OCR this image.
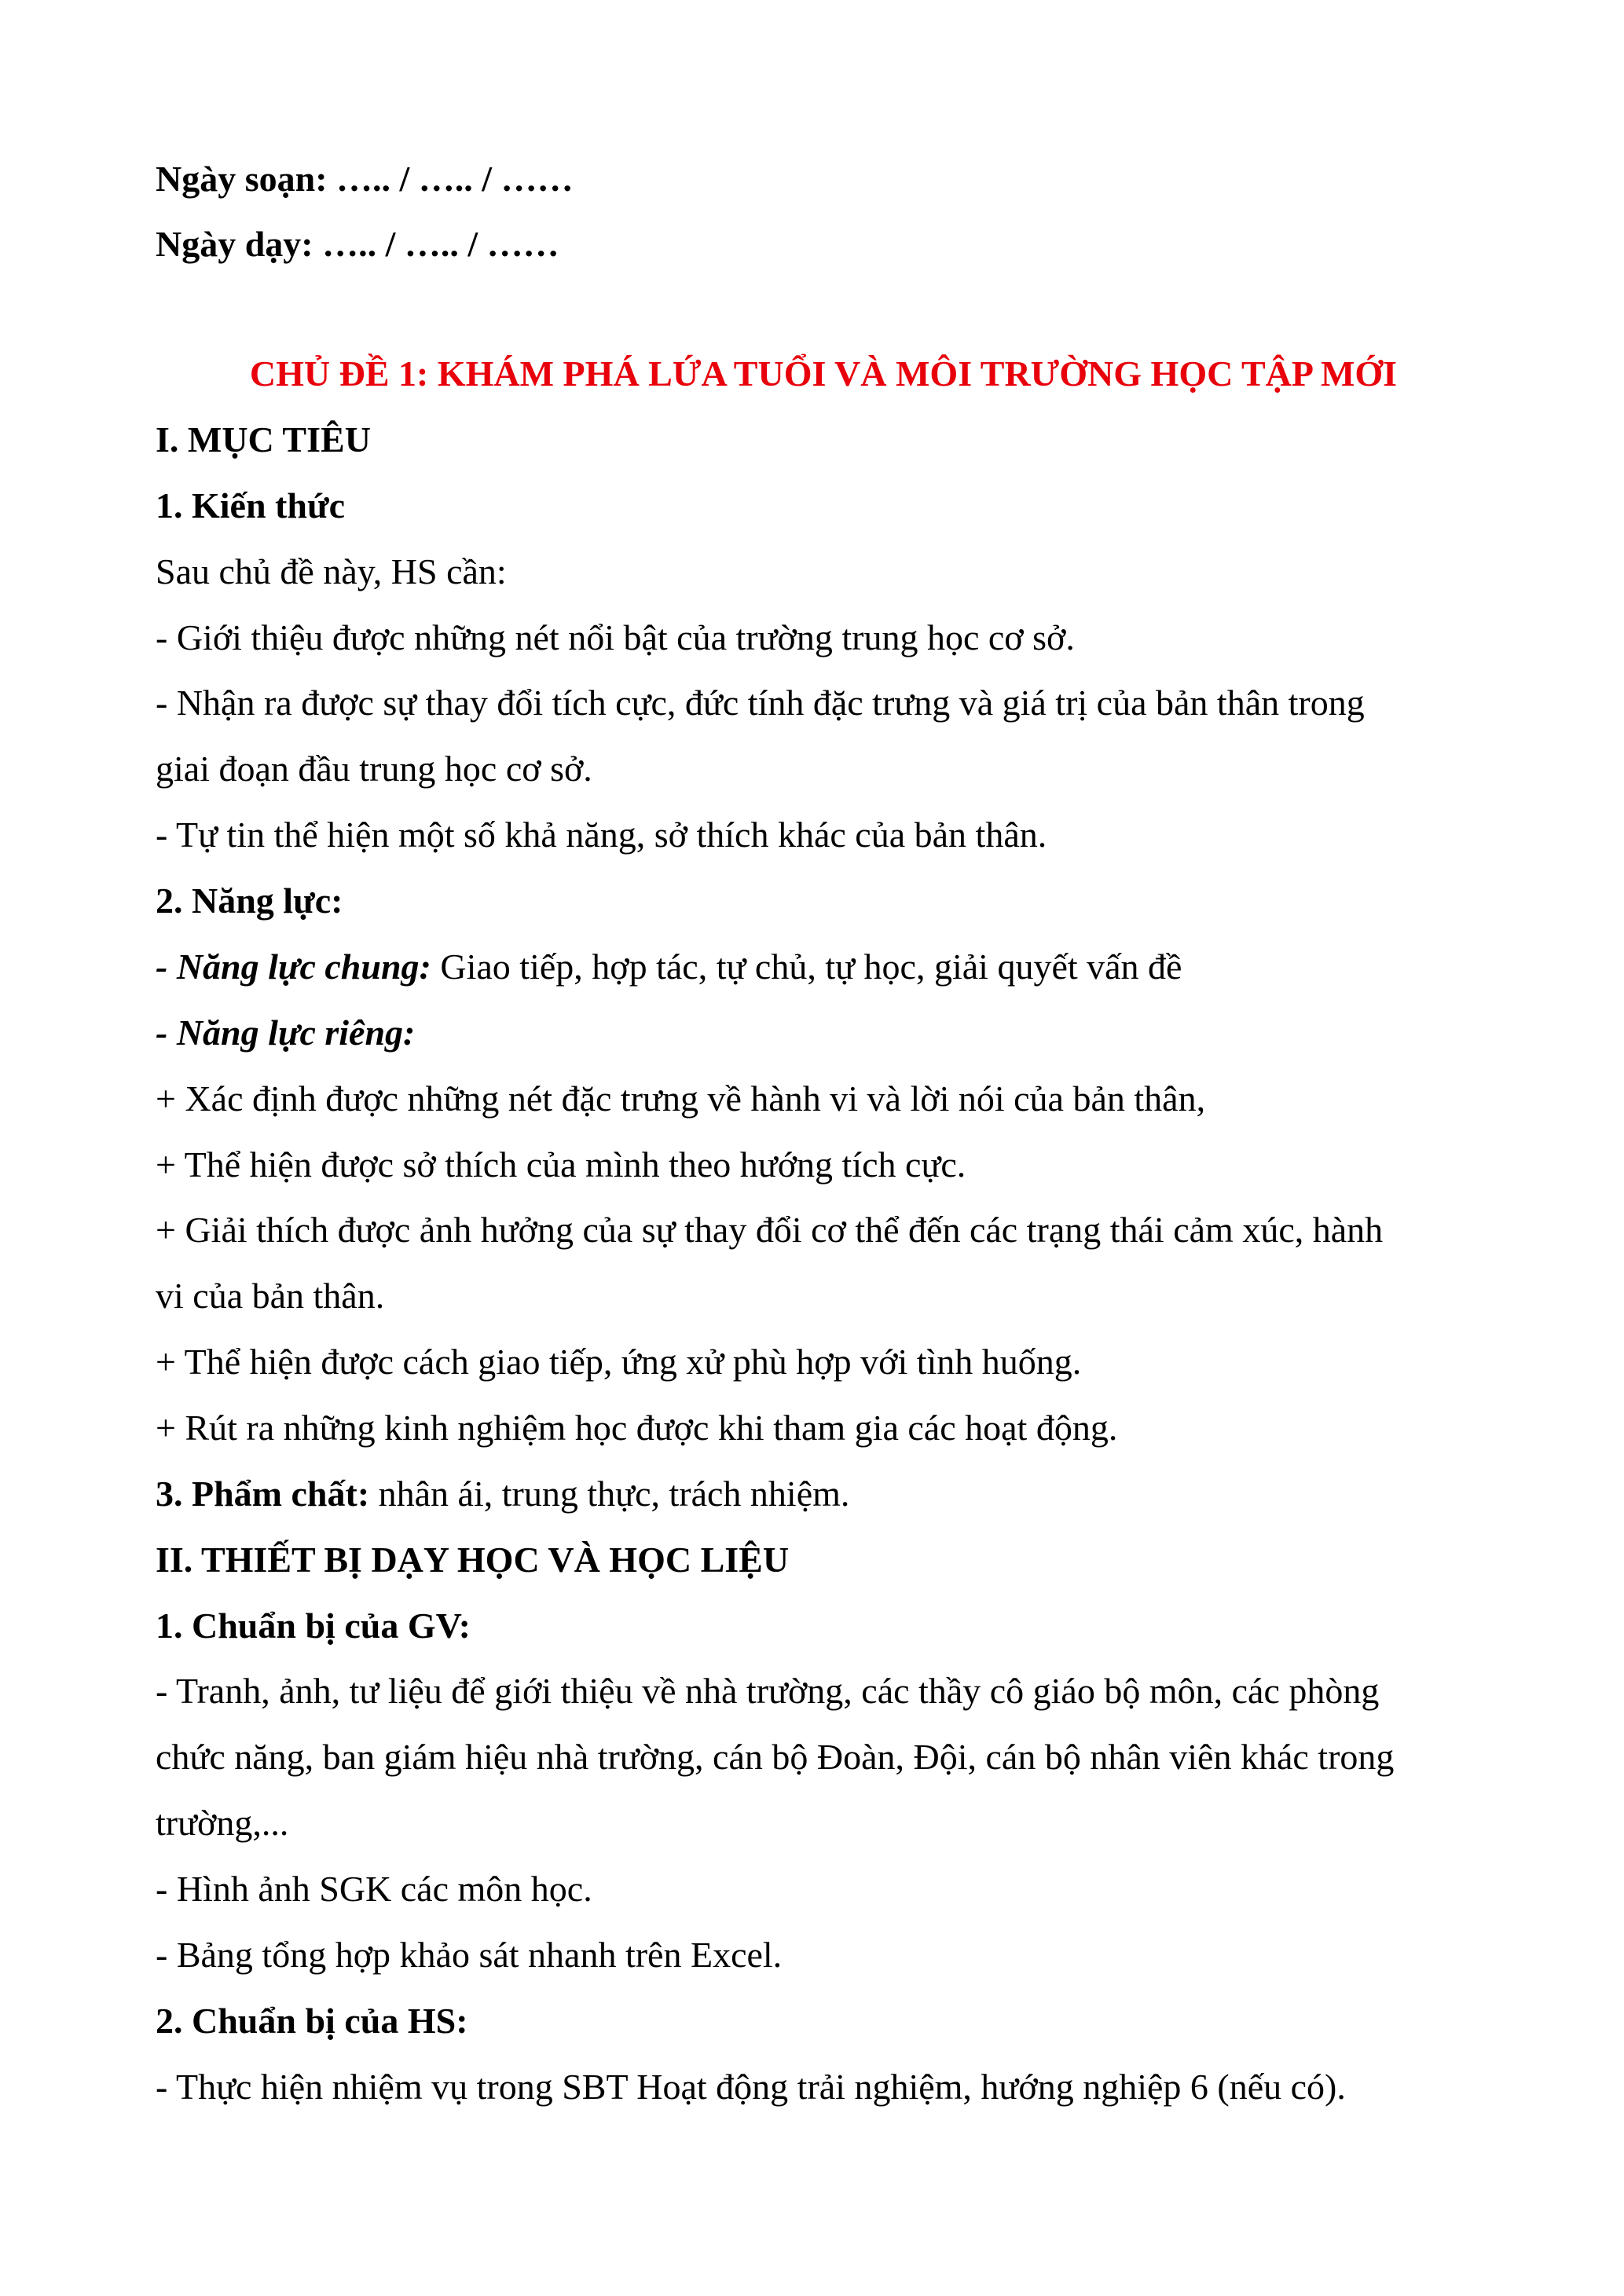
Ngày soạn: ….. / ….. / ……
Ngày dạy: ….. / ….. / ……
CHỦ ĐỀ 1: KHÁM PHÁ LỨA TUỔI VÀ MÔI TRƯỜNG HỌC TẬP MỚI
I. MỤC TIÊU
1. Kiến thức
Sau chủ đề này, HS cần:
- Giới thiệu được những nét nổi bật của trường trung học cơ sở.
- Nhận ra được sự thay đổi tích cực, đức tính đặc trưng và giá trị của bản thân trong
giai đoạn đầu trung học cơ sở.
- Tự tin thể hiện một số khả năng, sở thích khác của bản thân.
2. Năng lực:
- Năng lực chung: Giao tiếp, hợp tác, tự chủ, tự học, giải quyết vấn đề
- Năng lực riêng:
+ Xác định được những nét đặc trưng về hành vi và lời nói của bản thân,
+ Thể hiện được sở thích của mình theo hướng tích cực.
+ Giải thích được ảnh hưởng của sự thay đổi cơ thể đến các trạng thái cảm xúc, hành
vi của bản thân.
+ Thể hiện được cách giao tiếp, ứng xử phù hợp với tình huống.
+ Rút ra những kinh nghiệm học được khi tham gia các hoạt động.
3. Phẩm chất: nhân ái, trung thực, trách nhiệm.
II. THIẾT BỊ DẠY HỌC VÀ HỌC LIỆU
1. Chuẩn bị của GV:
- Tranh, ảnh, tư liệu để giới thiệu về nhà trường, các thầy cô giáo bộ môn, các phòng
chức năng, ban giám hiệu nhà trường, cán bộ Đoàn, Đội, cán bộ nhân viên khác trong
trường,...
- Hình ảnh SGK các môn học.
- Bảng tổng hợp khảo sát nhanh trên Excel.
2. Chuẩn bị của HS:
- Thực hiện nhiệm vụ trong SBT Hoạt động trải nghiệm, hướng nghiệp 6 (nếu có).
